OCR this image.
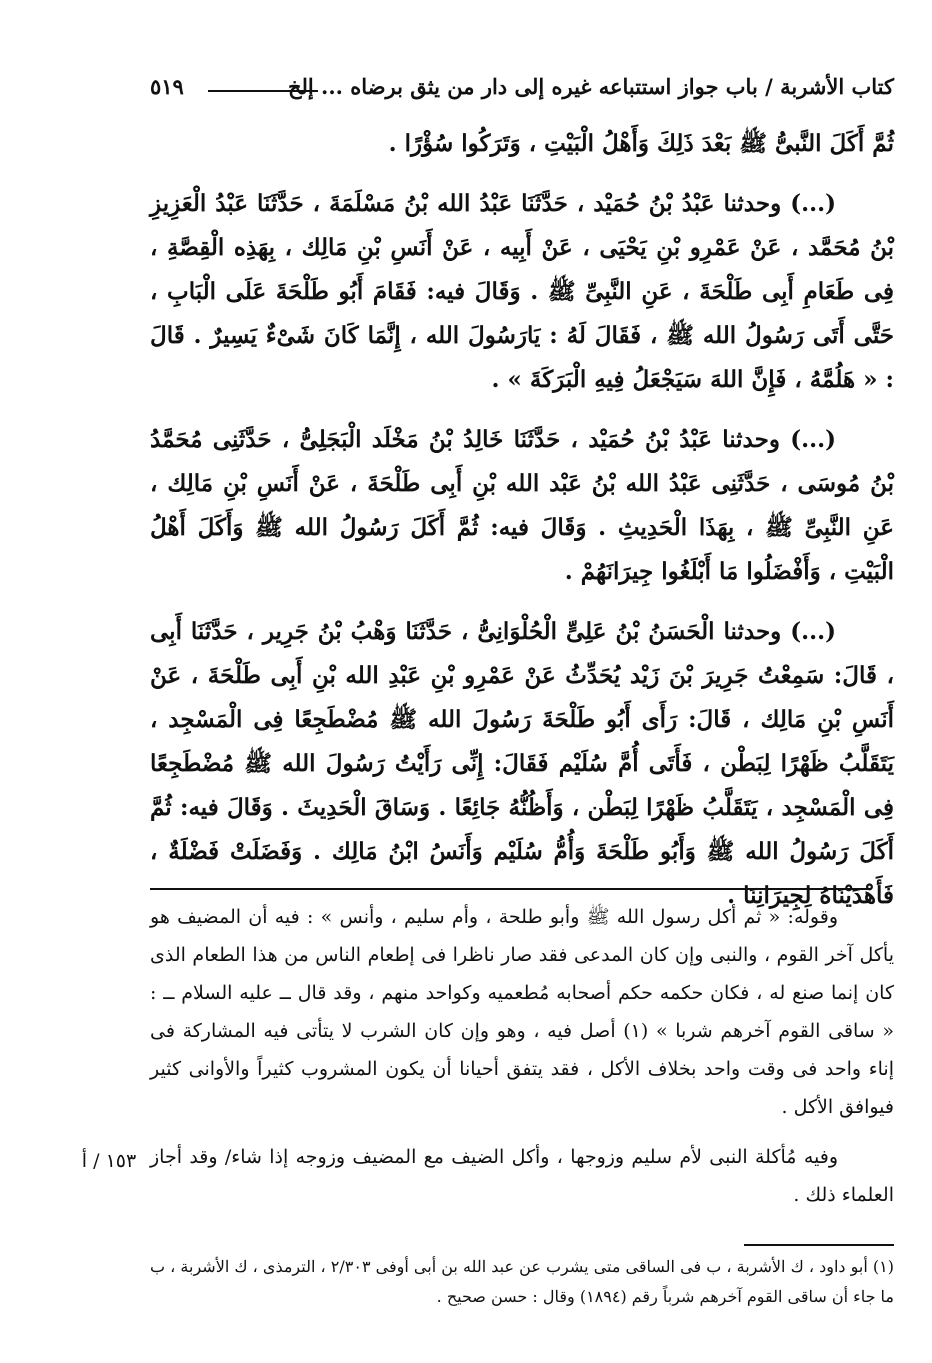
كتاب الأشربة / باب جواز استتباعه غيره إلى دار من يثق برضاه ... إلخ
٥١٩

ثُمَّ أَكَلَ النَّبىُّ ﷺ بَعْدَ ذَلِكَ وَأَهْلُ الْبَيْتِ ، وَتَرَكُوا سُؤْرًا .

(...) وحدثنا عَبْدُ بْنُ حُمَيْد ، حَدَّثَنَا عَبْدُ الله بْنُ مَسْلَمَةَ ، حَدَّثَنَا عَبْدُ الْعَزِيزِ بْنُ مُحَمَّد ، عَنْ عَمْرِو بْنِ يَحْيَى ، عَنْ أَبِيه ، عَنْ أَنَسِ بْنِ مَالِك ، بِهَذِه الْقِصَّةِ ، فِى طَعَامِ أَبِى طَلْحَةَ ، عَنِ النَّبِىِّ ﷺ . وَقَالَ فيه: فَقَامَ أَبُو طَلْحَةَ عَلَى الْبَابِ ، حَتَّى أَتَى رَسُولُ الله ﷺ ، فَقَالَ لَهُ : يَارَسُولَ الله ، إِنَّمَا كَانَ شَىْءٌ يَسِيرٌ . قَالَ : « هَلُمَّهُ ، فَإِنَّ اللهَ سَيَجْعَلُ فِيهِ الْبَرَكَةَ » .

(...) وحدثنا عَبْدُ بْنُ حُمَيْد ، حَدَّثَنَا خَالِدُ بْنُ مَخْلَد الْبَجَلِىُّ ، حَدَّثَنِى مُحَمَّدُ بْنُ مُوسَى ، حَدَّثَنِى عَبْدُ الله بْنُ عَبْد الله بْنِ أَبِى طَلْحَةَ ، عَنْ أَنَسِ بْنِ مَالِك ، عَنِ النَّبِىِّ ﷺ ، بِهَذَا الْحَدِيثِ . وَقَالَ فيه: ثُمَّ أَكَلَ رَسُولُ الله ﷺ وَأَكَلَ أَهْلُ الْبَيْتِ ، وَأَفْضَلُوا مَا أَبْلَغُوا جِيرَانَهُمْ .

(...) وحدثنا الْحَسَنُ بْنُ عَلِىٍّ الْحُلْوَانِىُّ ، حَدَّثَنَا وَهْبُ بْنُ جَرِير ، حَدَّثَنَا أَبِى ، قَالَ: سَمِعْتُ جَرِيرَ بْنَ زَيْد يُحَدِّثُ عَنْ عَمْرِو بْنِ عَبْدِ الله بْنِ أَبِى طَلْحَةَ ، عَنْ أَنَسِ بْنِ مَالِك ، قَالَ: رَأَى أَبُو طَلْحَةَ رَسُولَ الله ﷺ مُضْطَجِعًا فِى الْمَسْجِد ، يَتَقَلَّبُ ظَهْرًا لِبَطْن ، فَأَتَى أُمَّ سُلَيْم فَقَالَ: إِنِّى رَأَيْتُ رَسُولَ الله ﷺ مُضْطَجِعًا فِى الْمَسْجِد ، يَتَقَلَّبُ ظَهْرًا لِبَطْن ، وَأَظُنُّهُ جَائِعًا . وَسَاقَ الْحَدِيثَ . وَقَالَ فيه: ثُمَّ أَكَلَ رَسُولُ الله ﷺ وَأَبُو طَلْحَةَ وَأُمُّ سُلَيْم وَأَنَسُ ابْنُ مَالِك . وَفَضَلَتْ فَضْلَةٌ ، فَأَهْدَيْنَاهُ لِجِيرَانِنَا .

وقوله: « ثم أكل رسول الله ﷺ وأبو طلحة ، وأم سليم ، وأنس » : فيه أن المضيف هو يأكل آخر القوم ، والنبى وإن كان المدعى فقد صار ناظرا فى إطعام الناس من هذا الطعام الذى كان إنما صنع له ، فكان حكمه حكم أصحابه مُطعميه وكواحد منهم ، وقد قال ــ عليه السلام ــ : « ساقى القوم آخرهم شربا » (١) أصل فيه ، وهو وإن كان الشرب لا يتأتى فيه المشاركة فى إناء واحد فى وقت واحد بخلاف الأكل ، فقد يتفق أحيانا أن يكون المشروب كثيراً والأوانى كثير فيوافق الأكل .

وفيه مُأكلة النبى لأم سليم وزوجها ، وأكل الضيف مع المضيف وزوجه إذا شاء/ وقد أجاز العلماء ذلك .

١٥٣ / أ

(١) أبو داود ، ك الأشربة ، ب فى الساقى متى يشرب عن عبد الله بن أبى أوفى ٢/٣٠٣ ، الترمذى ، ك الأشربة ، ب ما جاء أن ساقى القوم آخرهم شرباً رقم (١٨٩٤) وقال : حسن صحيح .
